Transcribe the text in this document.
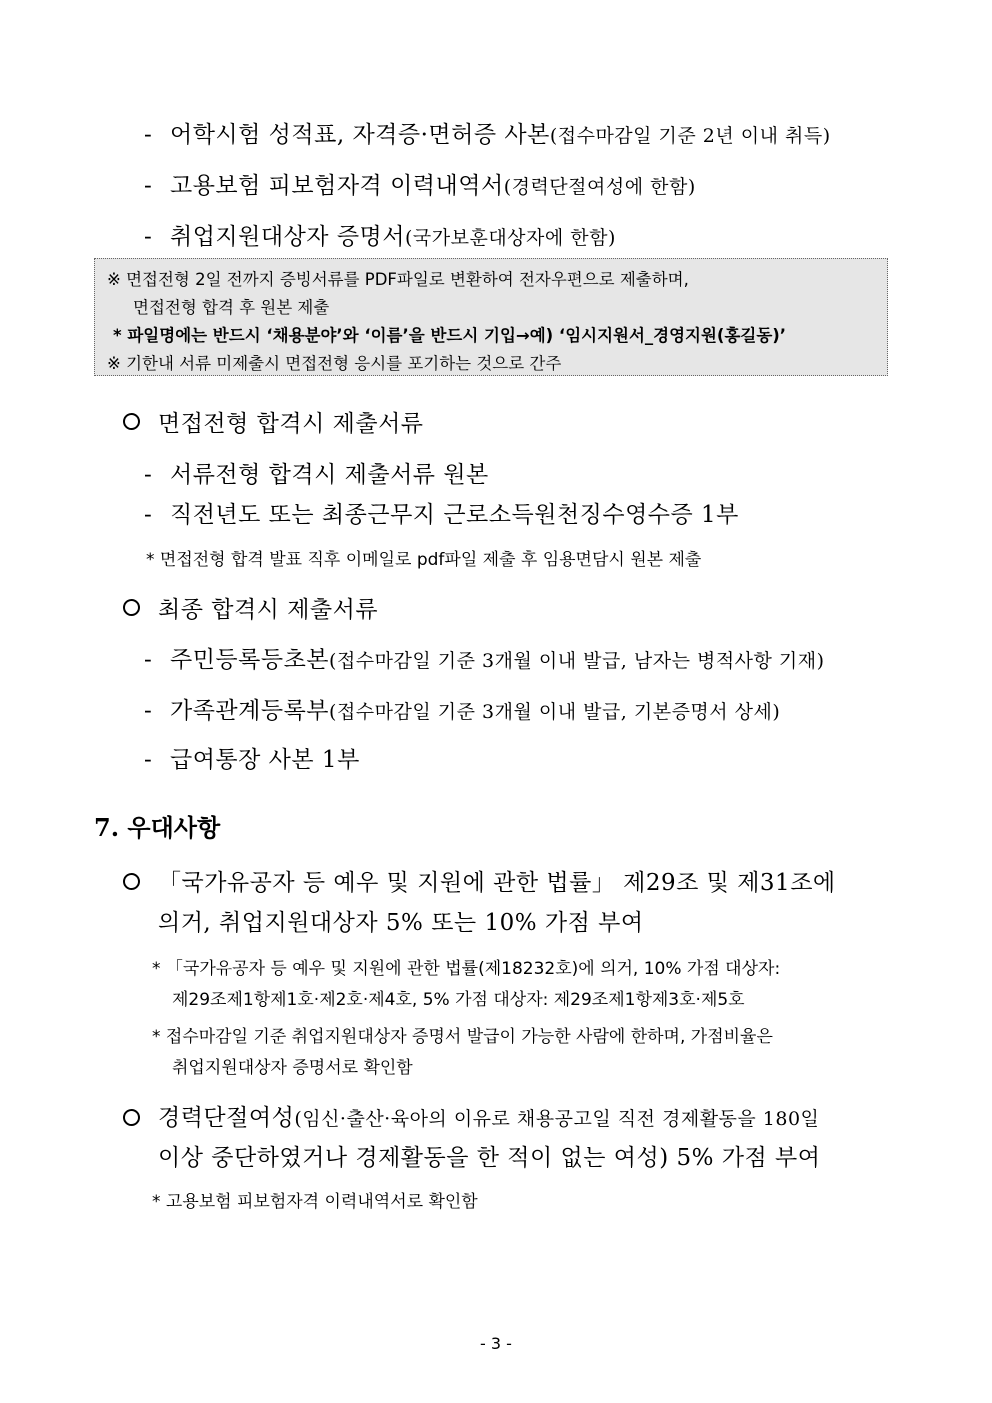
- 어학시험 성적표, 자격증·면허증 사본(접수마감일 기준 2년 이내 취득)
- 고용보험 피보험자격 이력내역서(경력단절여성에 한함)
- 취업지원대상자 증명서(국가보훈대상자에 한함)
※ 면접전형 2일 전까지 증빙서류를 PDF파일로 변환하여 전자우편으로 제출하며,
면접전형 합격 후 원본 제출
* 파일명에는 반드시 ‘채용분야’와 ‘이름’을 반드시 기입→예) ‘임시지원서_경영지원(홍길동)’
※ 기한내 서류 미제출시 면접전형 응시를 포기하는 것으로 간주
면접전형 합격시 제출서류
- 서류전형 합격시 제출서류 원본
- 직전년도 또는 최종근무지 근로소득원천징수영수증 1부
* 면접전형 합격 발표 직후 이메일로 pdf파일 제출 후 임용면담시 원본 제출
최종 합격시 제출서류
- 주민등록등초본(접수마감일 기준 3개월 이내 발급, 남자는 병적사항 기재)
- 가족관계등록부(접수마감일 기준 3개월 이내 발급, 기본증명서 상세)
- 급여통장 사본 1부
7. 우대사항
「국가유공자 등 예우 및 지원에 관한 법률」 제29조 및 제31조에
의거, 취업지원대상자 5% 또는 10% 가점 부여
* 「국가유공자 등 예우 및 지원에 관한 법률(제18232호)에 의거, 10% 가점 대상자:
제29조제1항제1호·제2호·제4호, 5% 가점 대상자: 제29조제1항제3호·제5호
* 접수마감일 기준 취업지원대상자 증명서 발급이 가능한 사람에 한하며, 가점비율은
취업지원대상자 증명서로 확인함
경력단절여성(임신·출산·육아의 이유로 채용공고일 직전 경제활동을 180일
이상 중단하였거나 경제활동을 한 적이 없는 여성) 5% 가점 부여
* 고용보험 피보험자격 이력내역서로 확인함
- 3 -
